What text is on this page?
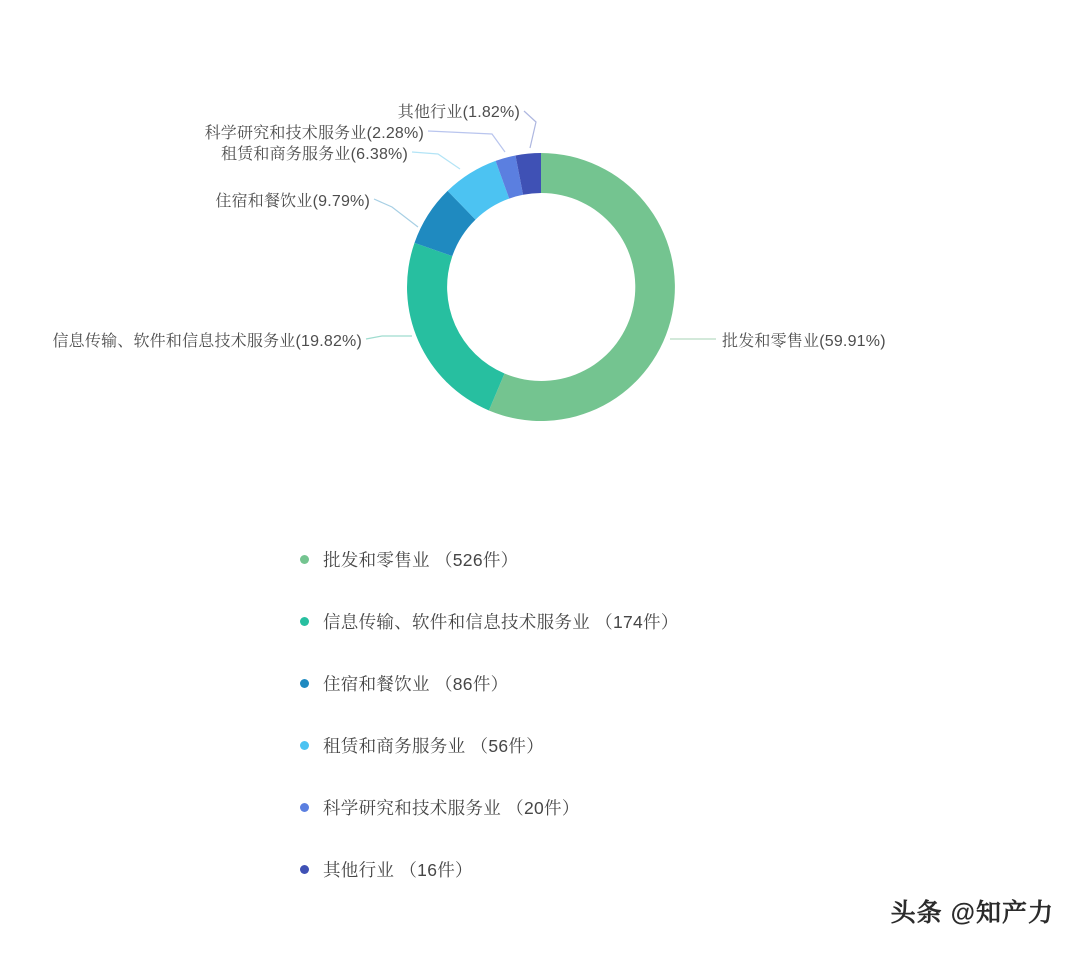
批发和零售业(59.91%)
信息传输、软件和信息技术服务业(19.82%)
住宿和餐饮业(9.79%)
租赁和商务服务业(6.38%)
科学研究和技术服务业(2.28%)
其他行业(1.82%)
批发和零售业 （526件）
信息传输、软件和信息技术服务业 （174件）
住宿和餐饮业 （86件）
租赁和商务服务业 （56件）
科学研究和技术服务业 （20件）
其他行业 （16件）
头条 @知产力
